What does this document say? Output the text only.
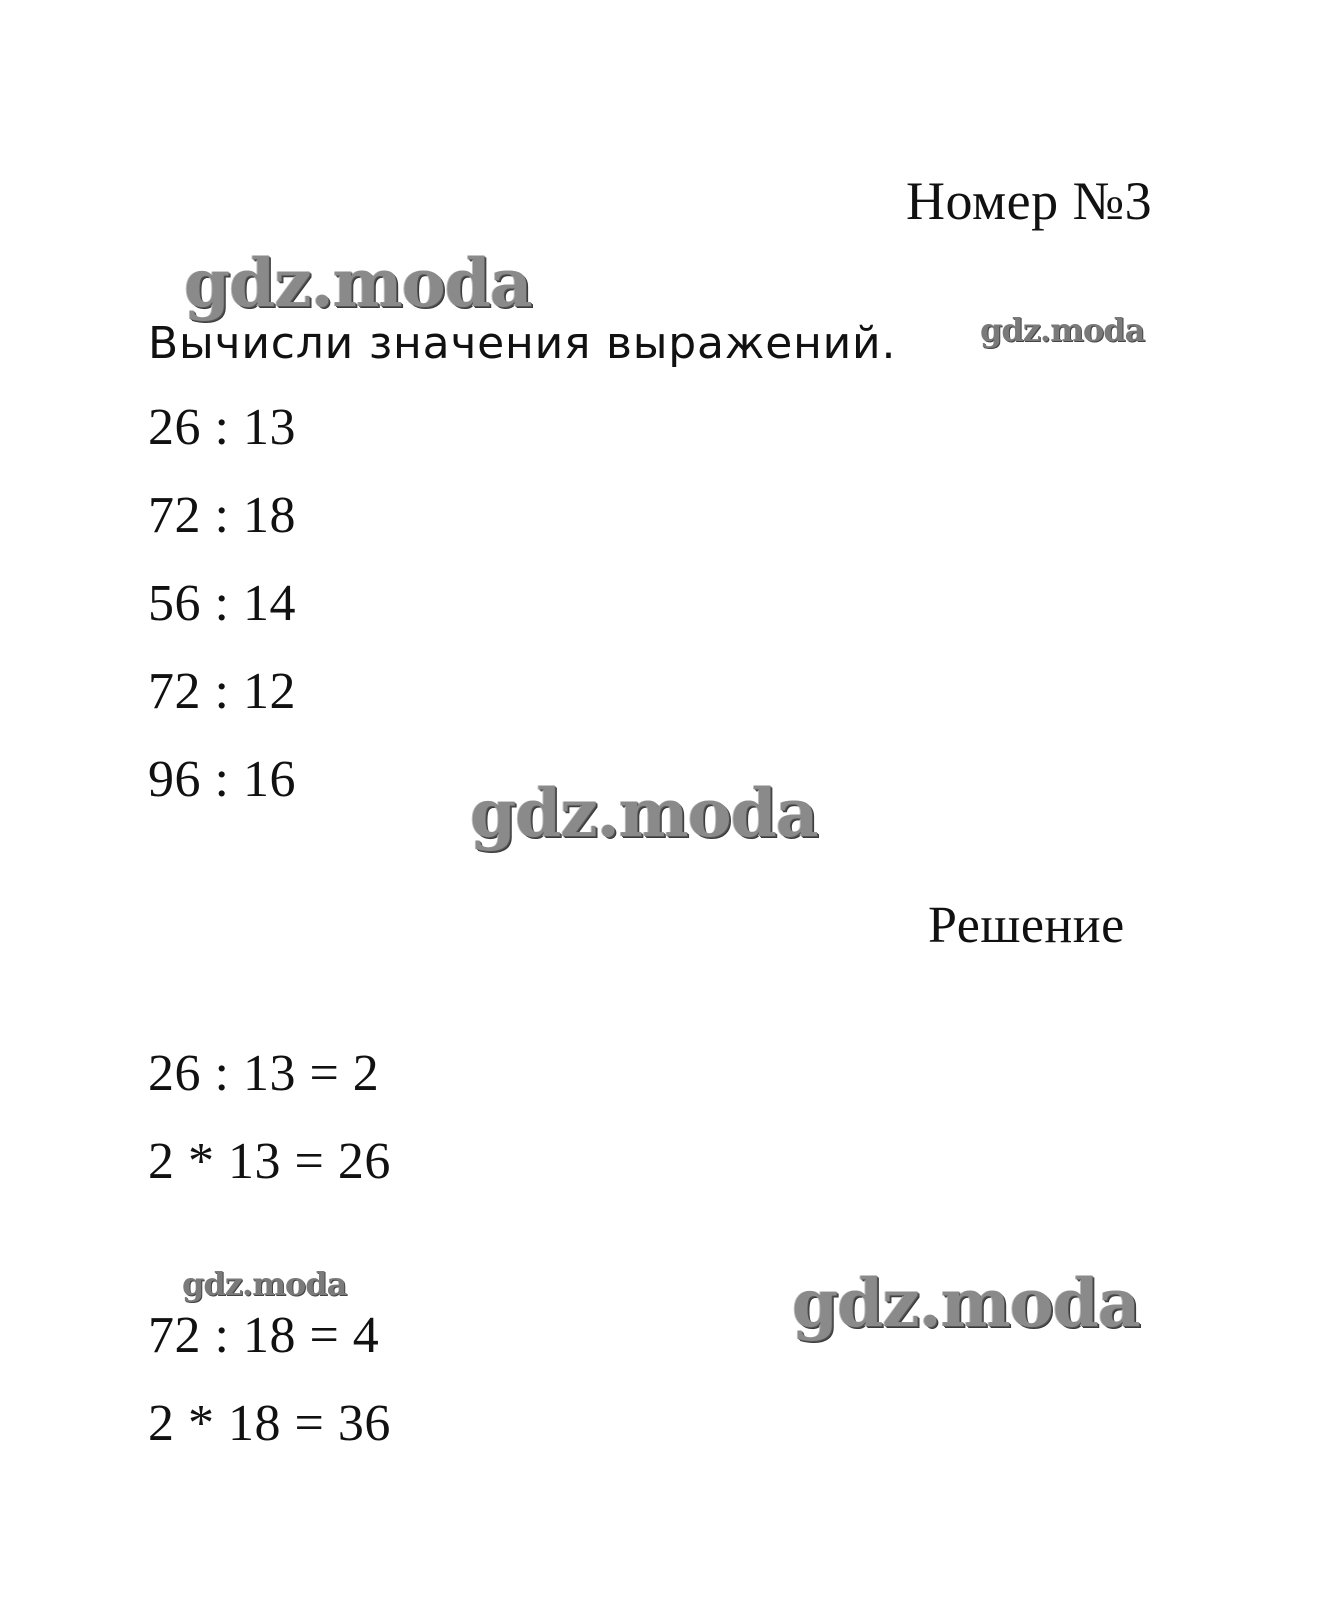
Номер №3

gdz.moda
gdz.moda

Вычисли значения выражений.

26 : 13

72 : 18

56 : 14

72 : 12

96 : 16	gdz.moda

Решение

26 : 13 = 2

2 * 13 = 26

gdz.moda	gdz.moda

72 : 18 = 4

2 * 18 = 36
